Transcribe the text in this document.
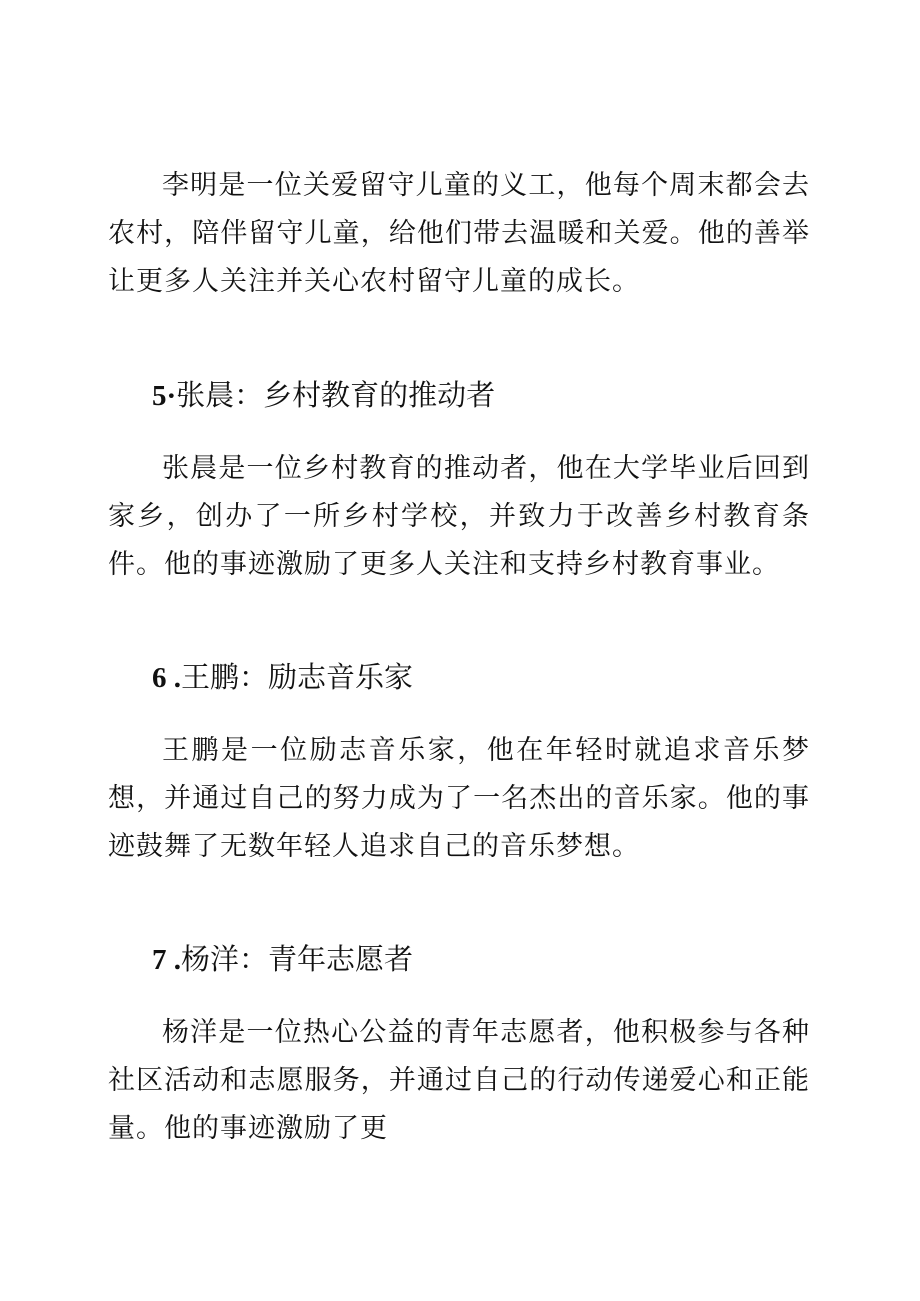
李明是一位关爱留守儿童的义工，他每个周末都会去农村，陪伴留守儿童，给他们带去温暖和关爱。他的善举让更多人关注并关心农村留守儿童的成长。

5·张晨：乡村教育的推动者

张晨是一位乡村教育的推动者，他在大学毕业后回到家乡，创办了一所乡村学校，并致力于改善乡村教育条件。他的事迹激励了更多人关注和支持乡村教育事业。

6 .王鹏：励志音乐家

王鹏是一位励志音乐家，他在年轻时就追求音乐梦想，并通过自己的努力成为了一名杰出的音乐家。他的事迹鼓舞了无数年轻人追求自己的音乐梦想。

7 .杨洋：青年志愿者

杨洋是一位热心公益的青年志愿者，他积极参与各种社区活动和志愿服务，并通过自己的行动传递爱心和正能量。他的事迹激励了更
